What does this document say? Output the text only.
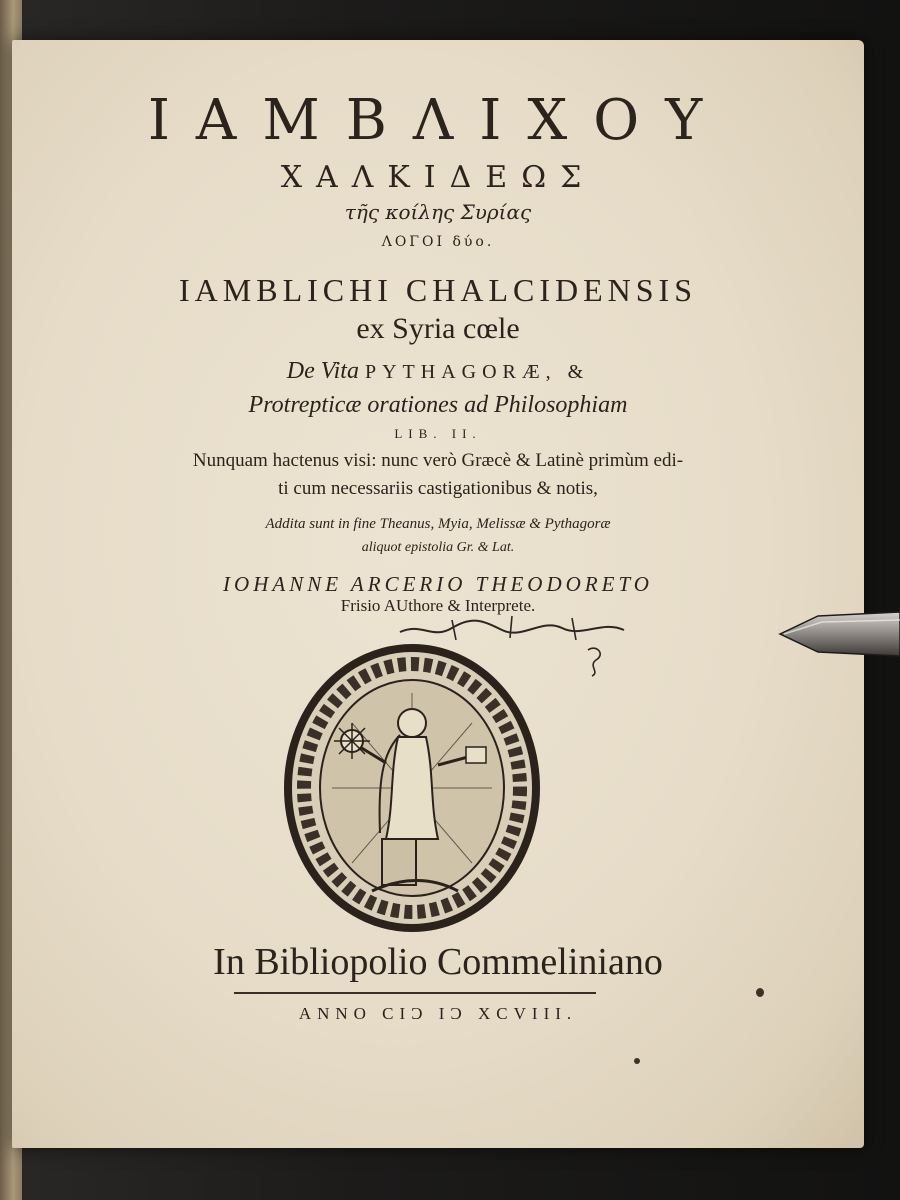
ΙΑΜΒΛΙΧΟΥ
ΧΑΛΚΙΔΕΩΣ
τῆς κοίλης Συρίας
ΛΟΓΟΙ δύο.
IAMBLICHI CHALCIDENSIS
ex Syria cœle
De Vita PYTHAGORÆ, &
Protrepticæ orationes ad Philosophiam
LIB. II.
Nunquam hactenus visi: nunc verò Græcè & Latinè primùm edi-
ti cum necessariis castigationibus & notis,
Addita sunt in fine Theanus, Myia, Melissæ & Pythagoræ
aliquot epistolia Gr. & Lat.
IOHANNE ARCERIO THEODORETO
Frisio AUthore & Interprete.
In Bibliopolio Commeliniano
ANNO CIƆ IƆ XCVIII.
